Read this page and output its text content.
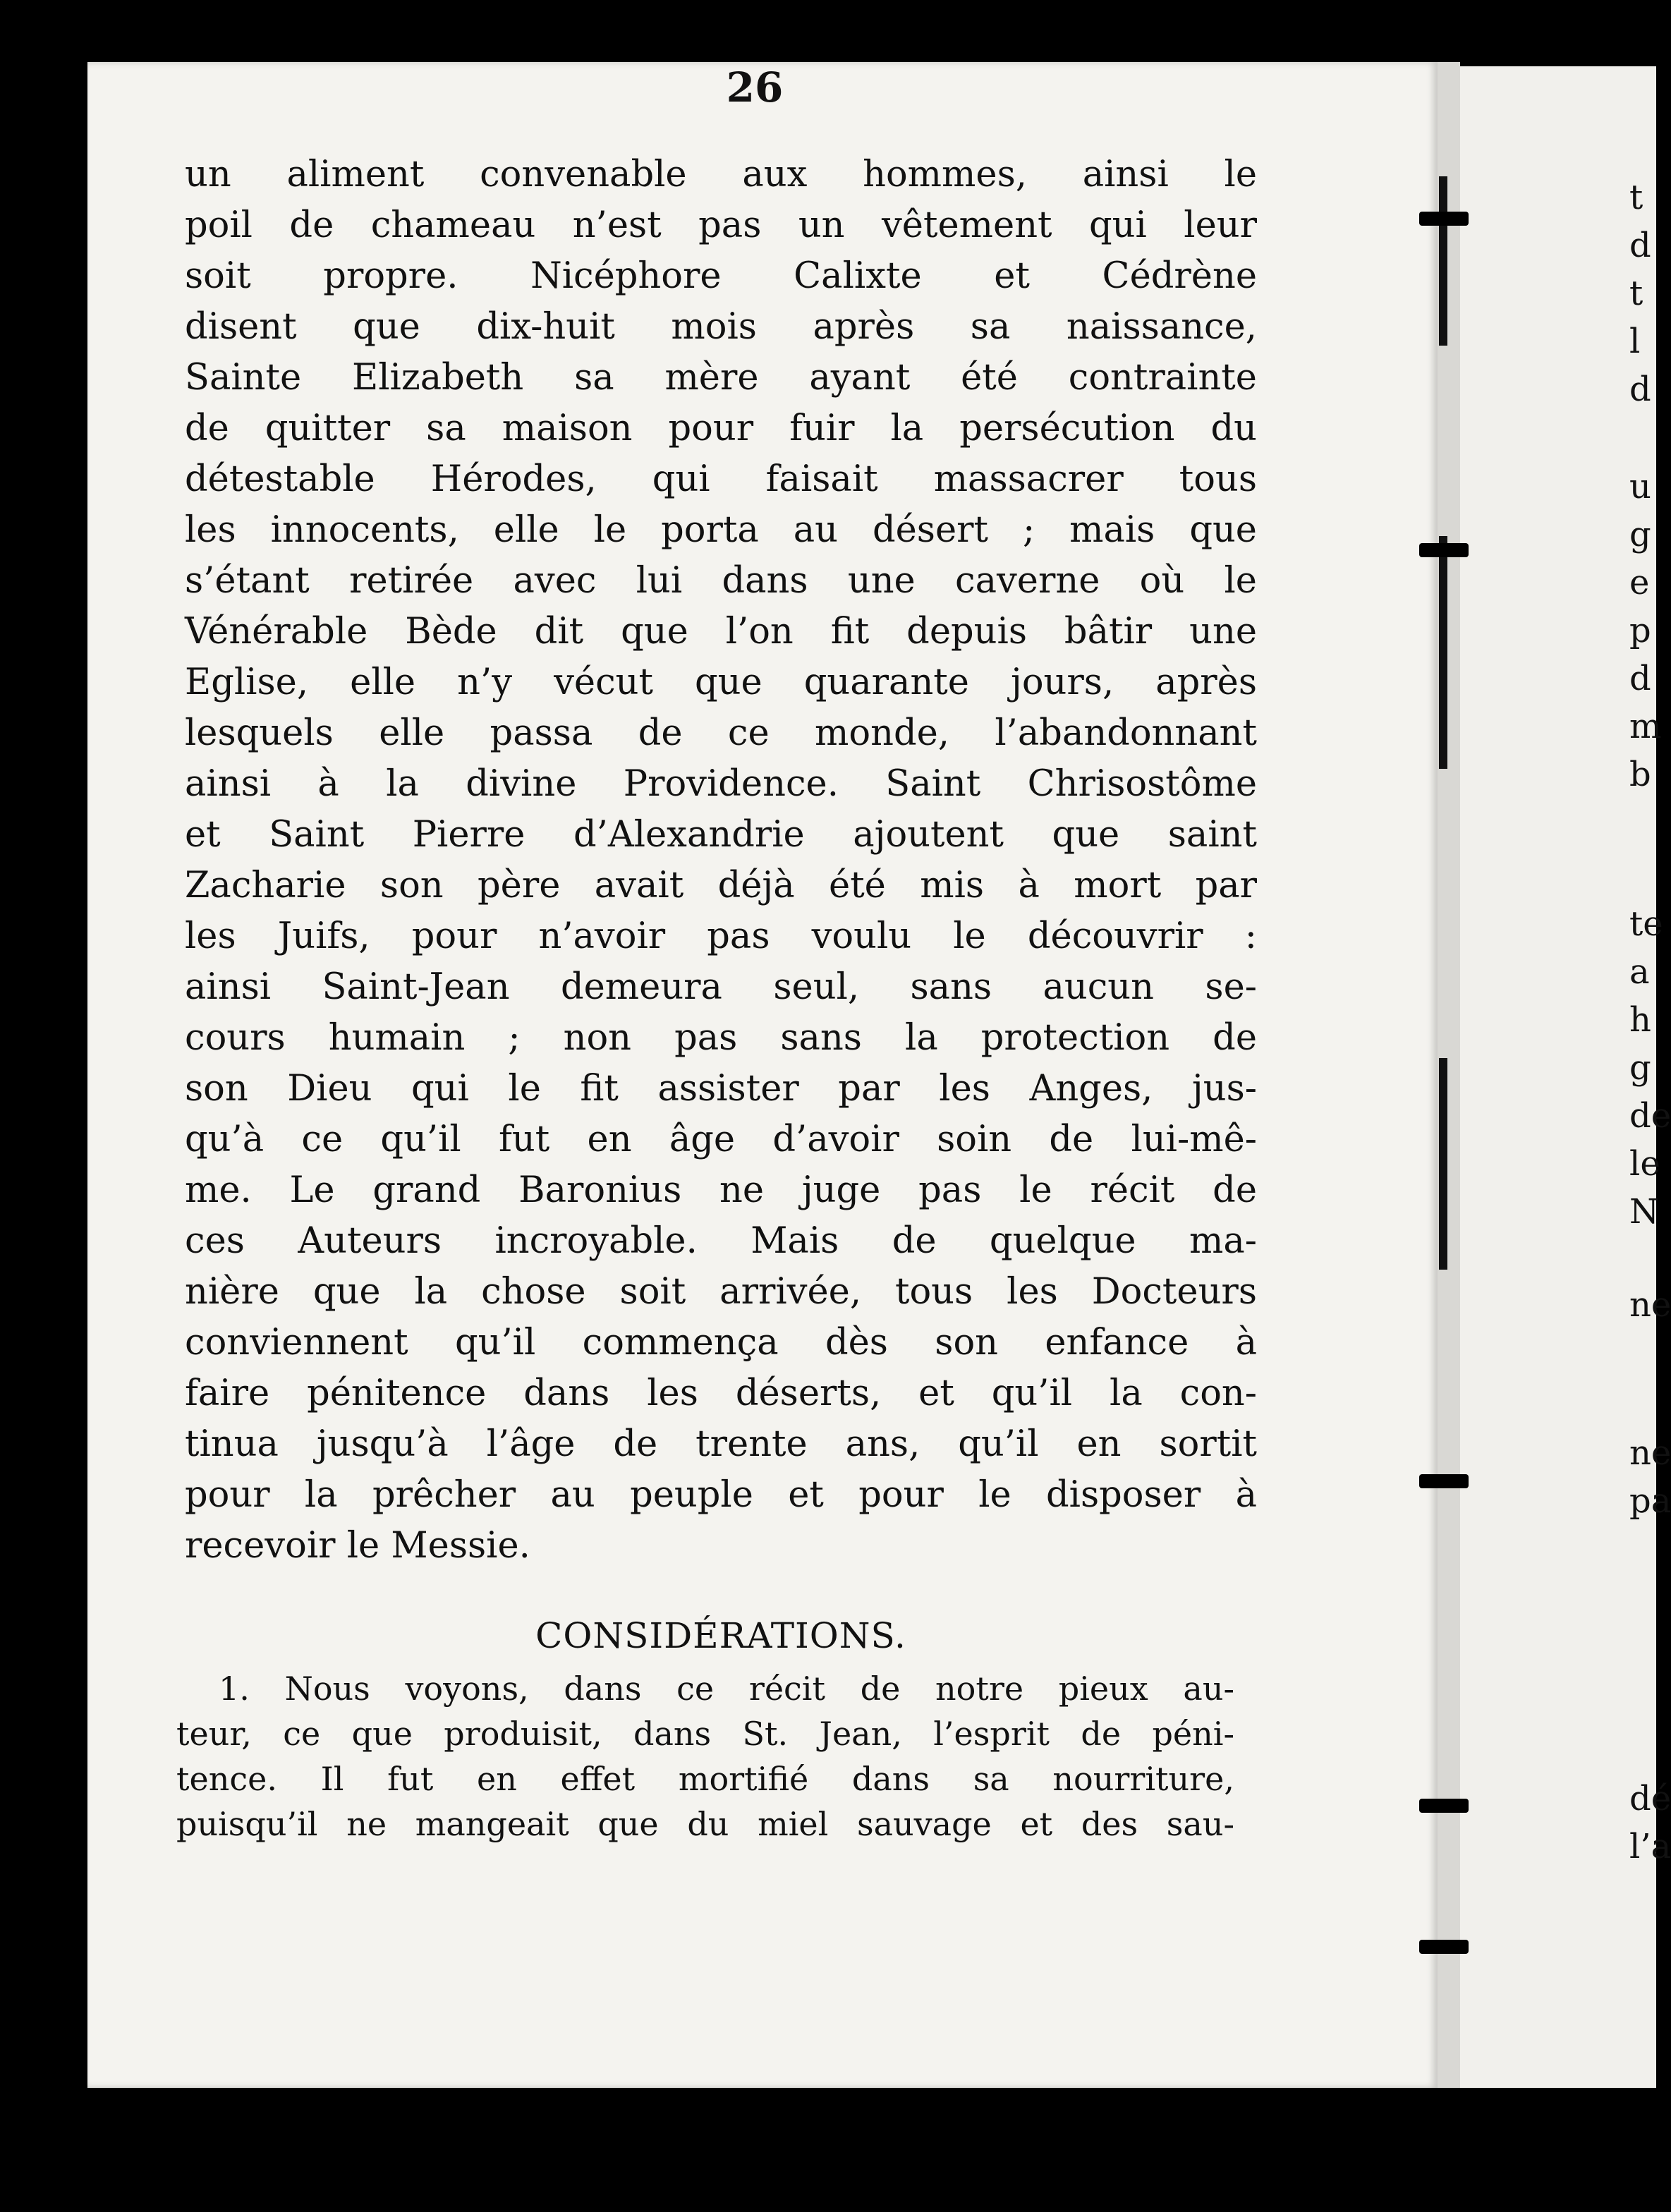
26
un aliment convenable aux hommes, ainsi le
poil de chameau n’est pas un vêtement qui leur
soit propre. Nicéphore Calixte et Cédrène
disent que dix-huit mois après sa naissance,
Sainte Elizabeth sa mère ayant été contrainte
de quitter sa maison pour fuir la persécution du
détestable Hérodes, qui faisait massacrer tous
les innocents, elle le porta au désert ; mais que
s’étant retirée avec lui dans une caverne où le
Vénérable Bède dit que l’on fit depuis bâtir une
Eglise, elle n’y vécut que quarante jours, après
lesquels elle passa de ce monde, l’abandonnant
ainsi à la divine Providence. Saint Chrisostôme
et Saint Pierre d’Alexandrie ajoutent que saint
Zacharie son père avait déjà été mis à mort par
les Juifs, pour n’avoir pas voulu le découvrir :
ainsi Saint-Jean demeura seul, sans aucun se-
cours humain ; non pas sans la protection de
son Dieu qui le fit assister par les Anges, jus-
qu’à ce qu’il fut en âge d’avoir soin de lui-mê-
me. Le grand Baronius ne juge pas le récit de
ces Auteurs incroyable. Mais de quelque ma-
nière que la chose soit arrivée, tous les Docteurs
conviennent qu’il commença dès son enfance à
faire pénitence dans les déserts, et qu’il la con-
tinua jusqu’à l’âge de trente ans, qu’il en sortit
pour la prêcher au peuple et pour le disposer à
recevoir le Messie.
CONSIDÉRATIONS.
1. Nous voyons, dans ce récit de notre pieux au-
teur, ce que produisit, dans St. Jean, l’esprit de péni-
tence. Il fut en effet mortifié dans sa nourriture,
puisqu’il ne mangeait que du miel sauvage et des sau-
t
d
t
l
d
u
g
e
p
d
m
b
te
a
h
g
de
le
N
ne
ne
pa
dé
l’a
